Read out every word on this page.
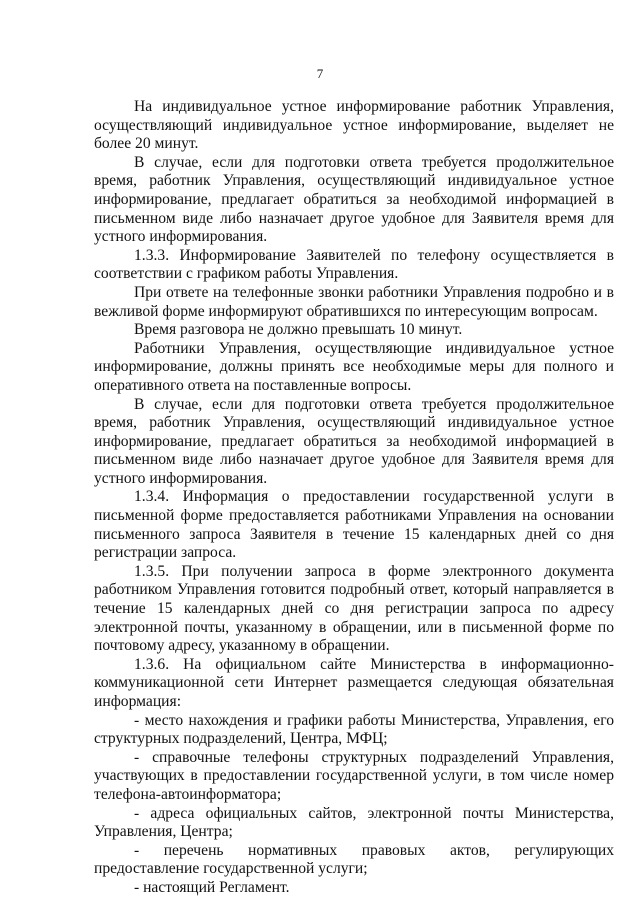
7

На индивидуальное устное информирование работник Управления, осуществляющий индивидуальное устное информирование, выделяет не более 20 минут.

В случае, если для подготовки ответа требуется продолжительное время, работник Управления, осуществляющий индивидуальное устное информирование, предлагает обратиться за необходимой информацией в письменном виде либо назначает другое удобное для Заявителя время для устного информирования.

1.3.3. Информирование Заявителей по телефону осуществляется в соответствии с графиком работы Управления.

При ответе на телефонные звонки работники Управления подробно и в вежливой форме информируют обратившихся по интересующим вопросам.

Время разговора не должно превышать 10 минут.

Работники Управления, осуществляющие индивидуальное устное информирование, должны принять все необходимые меры для полного и оперативного ответа на поставленные вопросы.

В случае, если для подготовки ответа требуется продолжительное время, работник Управления, осуществляющий индивидуальное устное информирование, предлагает обратиться за необходимой информацией в письменном виде либо назначает другое удобное для Заявителя время для устного информирования.

1.3.4. Информация о предоставлении государственной услуги в письменной форме предоставляется работниками Управления на основании письменного запроса Заявителя в течение 15 календарных дней со дня регистрации запроса.

1.3.5. При получении запроса в форме электронного документа работником Управления готовится подробный ответ, который направляется в течение 15 календарных дней со дня регистрации запроса по адресу электронной почты, указанному в обращении, или в письменной форме по почтовому адресу, указанному в обращении.

1.3.6. На официальном сайте Министерства в информационно-коммуникационной сети Интернет размещается следующая обязательная информация:

- место нахождения и графики работы Министерства, Управления, его структурных подразделений, Центра, МФЦ;

- справочные телефоны структурных подразделений Управления, участвующих в предоставлении государственной услуги, в том числе номер телефона-автоинформатора;

- адреса официальных сайтов, электронной почты Министерства, Управления, Центра;

- перечень нормативных правовых актов, регулирующих предоставление государственной услуги;

- настоящий Регламент.
